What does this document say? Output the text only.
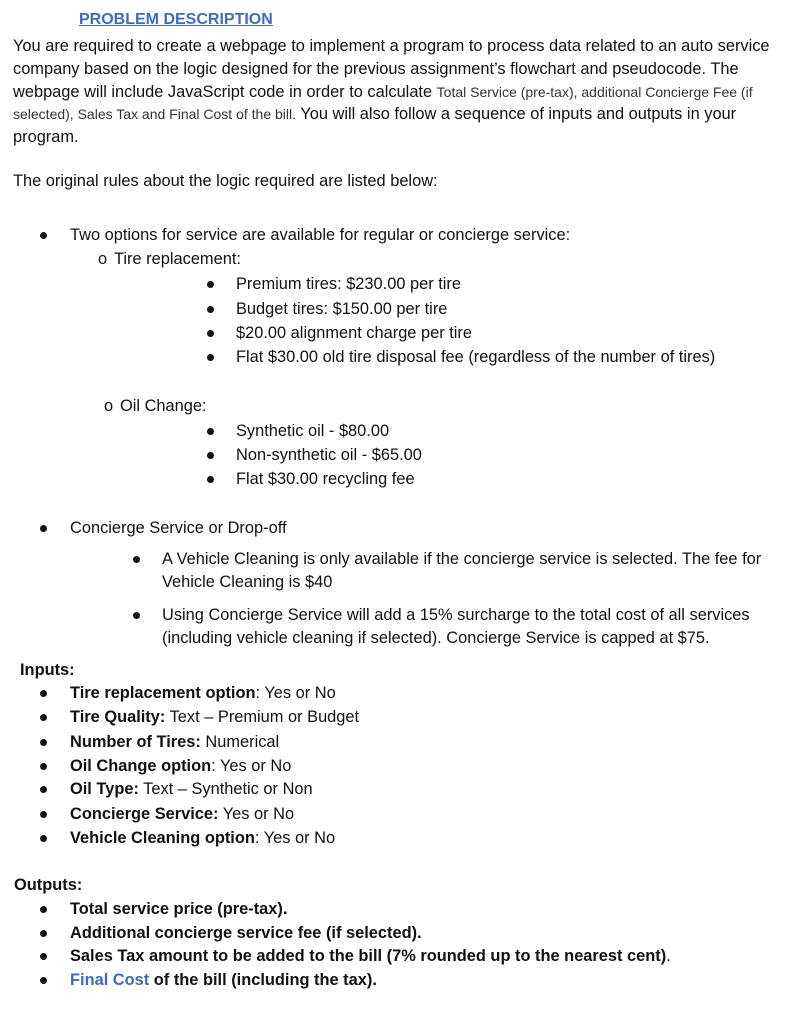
PROBLEM DESCRIPTION

You are required to create a webpage to implement a program to process data related to an auto service company based on the logic designed for the previous assignment’s flowchart and pseudocode. The webpage will include JavaScript code in order to calculate Total Service (pre-tax), additional Concierge Fee (if selected), Sales Tax and Final Cost of the bill. You will also follow a sequence of inputs and outputs in your program.

The original rules about the logic required are listed below:

Two options for service are available for regular or concierge service:
o Tire replacement:
Premium tires: $230.00 per tire
Budget tires: $150.00 per tire
$20.00 alignment charge per tire
Flat $30.00 old tire disposal fee (regardless of the number of tires)
o Oil Change:
Synthetic oil - $80.00
Non-synthetic oil - $65.00
Flat $30.00 recycling fee
Concierge Service or Drop-off
A Vehicle Cleaning is only available if the concierge service is selected. The fee for Vehicle Cleaning is $40
Using Concierge Service will add a 15% surcharge to the total cost of all services (including vehicle cleaning if selected). Concierge Service is capped at $75.
Inputs:
Tire replacement option: Yes or No
Tire Quality: Text – Premium or Budget
Number of Tires: Numerical
Oil Change option: Yes or No
Oil Type: Text – Synthetic or Non
Concierge Service: Yes or No
Vehicle Cleaning option: Yes or No
Outputs:
Total service price (pre-tax).
Additional concierge service fee (if selected).
Sales Tax amount to be added to the bill (7% rounded up to the nearest cent).
Final Cost of the bill (including the tax).
